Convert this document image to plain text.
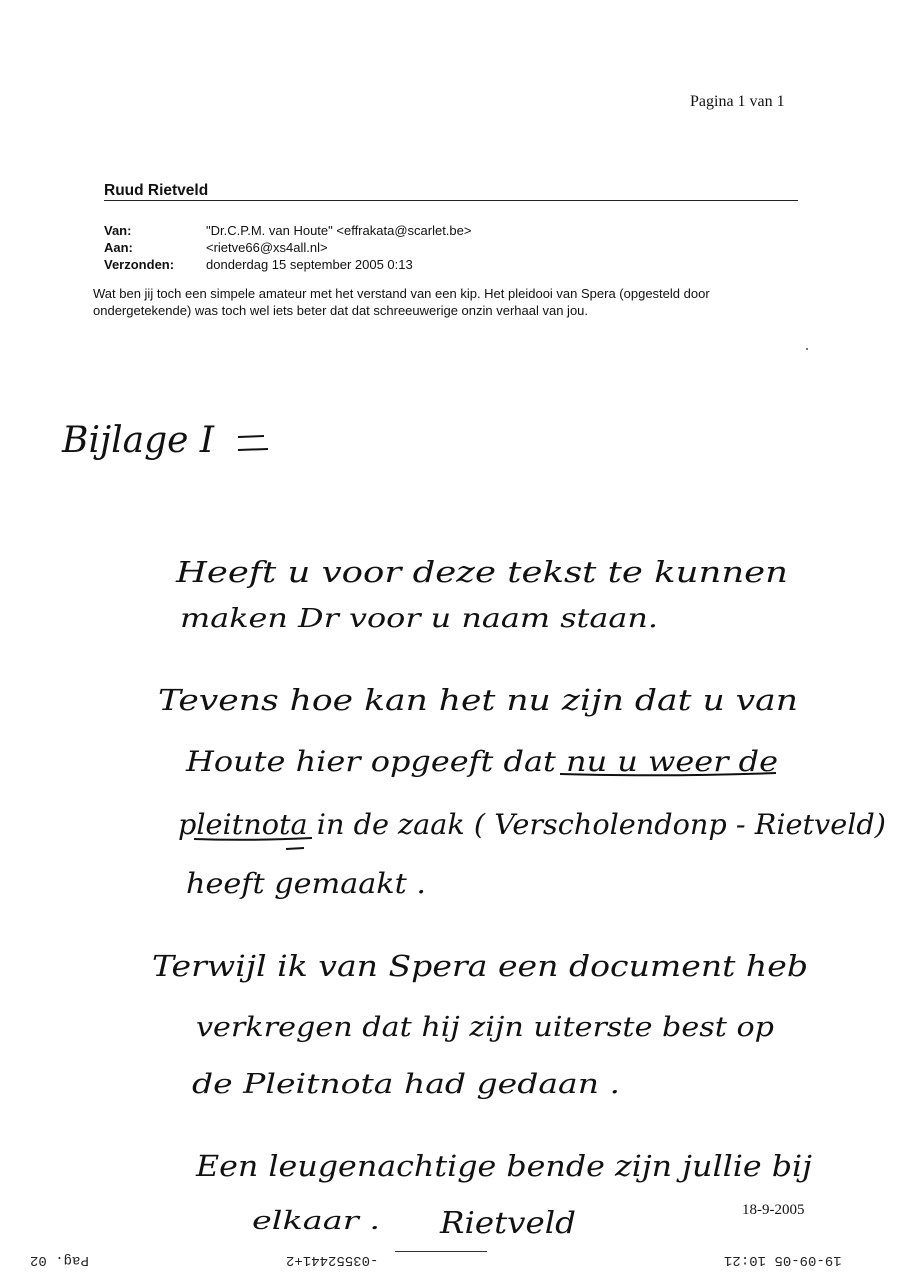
Pagina 1 van 1
Ruud Rietveld
Van:	"Dr.C.P.M. van Houte" <effrakata@scarlet.be>
Aan:	<rietve66@xs4all.nl>
Verzonden: donderdag 15 september 2005 0:13
Wat ben jij toch een simpele amateur met het verstand van een kip. Het pleidooi van Spera (opgesteld door
ondergetekende) was toch wel iets beter dat dat schreeuwerige onzin verhaal van jou.
Bijlage I
Heeft u voor deze tekst te kunnen
maken Dr voor u naam staan.
Tevens hoe kan het nu zijn dat u van
Houte hier opgeeft dat nu u weer de
pleitnota in de zaak ( Verscholendonp - Rietveld)
heeft gemaakt .
Terwijl ik van Spera een document heb
verkregen dat hij zijn uiterste best op
de Pleitnota had gedaan .
Een leugenachtige bende zijn jullie bij
elkaar . Rietveld	18-9-2005
19-09-05 10:21
-03552441+2
Pag. 02
